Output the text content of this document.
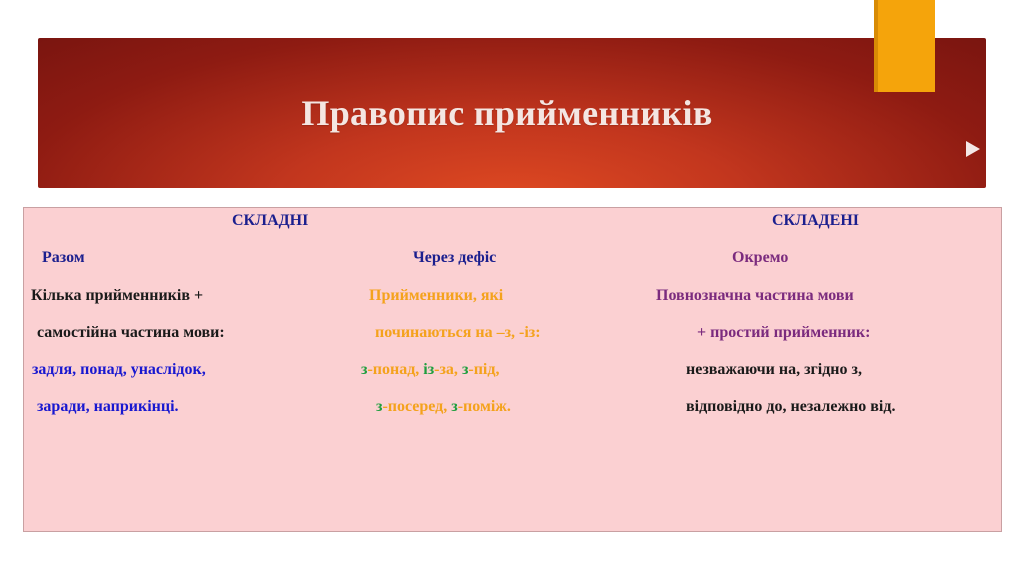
Правопис прийменників
СКЛАДНІ	СКЛАДЕНІ
Разом	Через дефіс	Окремо
Кілька прийменників +	Прийменники, які	Повнозначна частина мови
самостійна частина мови:	починаються на –з, -із:	+ простий прийменник:
задля, понад, унаслідок,	з-понад, із-за, з-під,	незважаючи на, згідно з,
заради, наприкінці.	з-посеред, з-поміж.	відповідно до, незалежно від.
